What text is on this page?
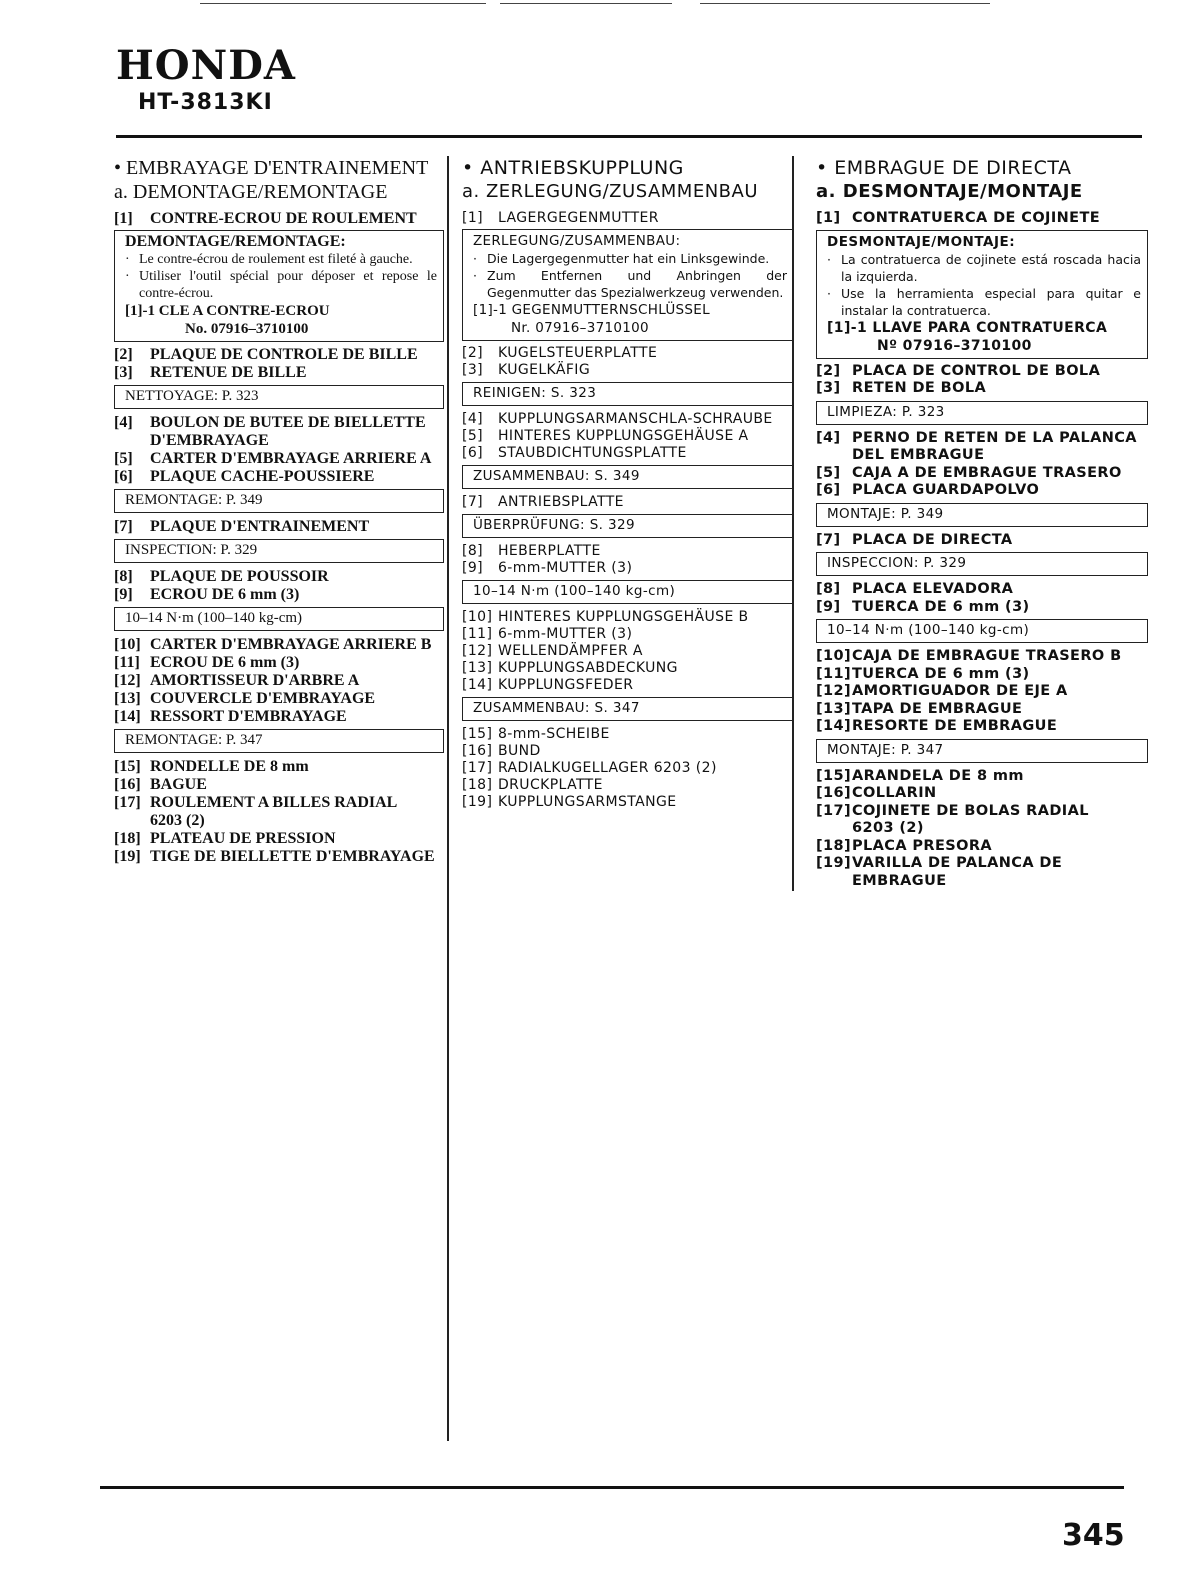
HONDA
HT-3813KI
• EMBRAYAGE D'ENTRAINEMENT
a. DEMONTAGE/REMONTAGE
[1]	CONTRE-ECROU DE ROULEMENT
DEMONTAGE/REMONTAGE:
· Le contre-écrou de roulement est fileté à gauche.
· Utiliser l'outil spécial pour déposer et repose le contre-écrou.
[1]-1 CLE A CONTRE-ECROU
No. 07916–3710100
[2]	PLAQUE DE CONTROLE DE BILLE
[3]	RETENUE DE BILLE
NETTOYAGE: P. 323
[4]	BOULON DE BUTEE DE BIELLETTE D'EMBRAYAGE
[5]	CARTER D'EMBRAYAGE ARRIERE A
[6]	PLAQUE CACHE-POUSSIERE
REMONTAGE: P. 349
[7]	PLAQUE D'ENTRAINEMENT
INSPECTION: P. 329
[8]	PLAQUE DE POUSSOIR
[9]	ECROU DE 6 mm (3)
10–14 N·m (100–140 kg-cm)
[10] CARTER D'EMBRAYAGE ARRIERE B
[11] ECROU DE 6 mm (3)
[12] AMORTISSEUR D'ARBRE A
[13] COUVERCLE D'EMBRAYAGE
[14] RESSORT D'EMBRAYAGE
REMONTAGE: P. 347
[15] RONDELLE DE 8 mm
[16] BAGUE
[17] ROULEMENT A BILLES RADIAL
6203 (2)
[18] PLATEAU DE PRESSION
[19] TIGE DE BIELLETTE D'EMBRAYAGE
• ANTRIEBSKUPPLUNG
a. ZERLEGUNG/ZUSAMMENBAU
[1]	LAGERGEGENMUTTER
ZERLEGUNG/ZUSAMMENBAU:
· Die Lagergegenmutter hat ein Linksgewinde.
· Zum Entfernen und Anbringen der Gegenmutter das Spezialwerkzeug verwenden.
[1]-1 GEGENMUTTERNSCHLÜSSEL
Nr. 07916–3710100
[2]	KUGELSTEUERPLATTE
[3]	KUGELKÄFIG
REINIGEN: S. 323
[4]	KUPPLUNGSARMANSCHLA-SCHRAUBE
[5]	HINTERES KUPPLUNGSGEHÄUSE A
[6]	STAUBDICHTUNGSPLATTE
ZUSAMMENBAU: S. 349
[7]	ANTRIEBSPLATTE
ÜBERPRÜFUNG: S. 329
[8]	HEBERPLATTE
[9]	6-mm-MUTTER (3)
10–14 N·m (100–140 kg-cm)
[10] HINTERES KUPPLUNGSGEHÄUSE B
[11] 6-mm-MUTTER (3)
[12] WELLENDÄMPFER A
[13] KUPPLUNGSABDECKUNG
[14] KUPPLUNGSFEDER
ZUSAMMENBAU: S. 347
[15] 8-mm-SCHEIBE
[16] BUND
[17] RADIALKUGELLAGER 6203 (2)
[18] DRUCKPLATTE
[19] KUPPLUNGSARMSTANGE
• EMBRAGUE DE DIRECTA
a. DESMONTAJE/MONTAJE
[1] CONTRATUERCA DE COJINETE
DESMONTAJE/MONTAJE:
· La contratuerca de cojinete está roscada hacia la izquierda.
· Use la herramienta especial para quitar e instalar la contratuerca.
[1]-1 LLAVE PARA CONTRATUERCA
Nº 07916–3710100
[2] PLACA DE CONTROL DE BOLA
[3] RETEN DE BOLA
LIMPIEZA: P. 323
[4] PERNO DE RETEN DE LA PALANCA DEL EMBRAGUE
[5] CAJA A DE EMBRAGUE TRASERO
[6] PLACA GUARDAPOLVO
MONTAJE: P. 349
[7] PLACA DE DIRECTA
INSPECCION: P. 329
[8] PLACA ELEVADORA
[9] TUERCA DE 6 mm (3)
10–14 N·m (100–140 kg-cm)
[10] CAJA DE EMBRAGUE TRASERO B
[11] TUERCA DE 6 mm (3)
[12] AMORTIGUADOR DE EJE A
[13] TAPA DE EMBRAGUE
[14] RESORTE DE EMBRAGUE
MONTAJE: P. 347
[15] ARANDELA DE 8 mm
[16] COLLARIN
[17] COJINETE DE BOLAS RADIAL
6203 (2)
[18] PLACA PRESORA
[19] VARILLA DE PALANCA DE EMBRAGUE
345
